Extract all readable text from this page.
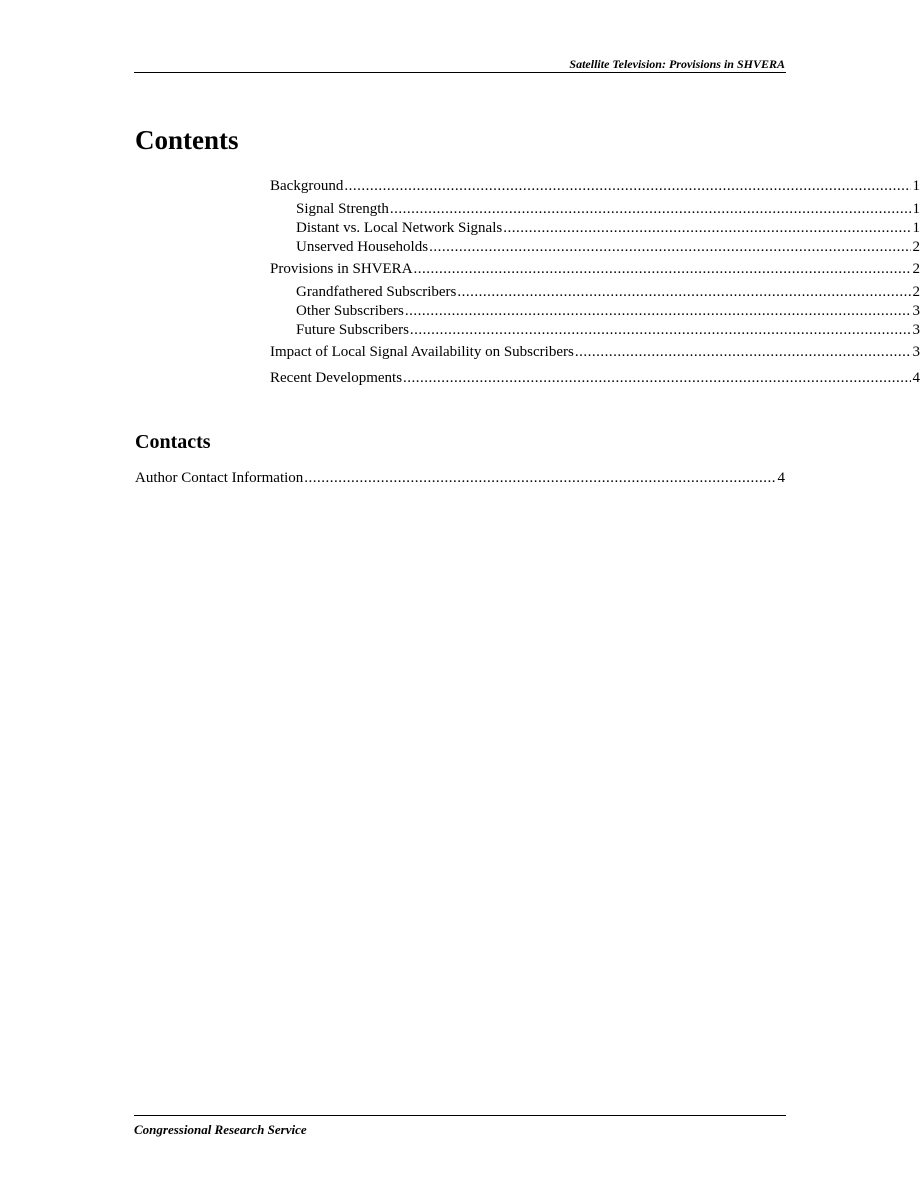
Satellite Television: Provisions in SHVERA
Contents
Background .....	1
Signal Strength .....	1
Distant vs. Local Network Signals .....	1
Unserved Households .....	2
Provisions in SHVERA .....	2
Grandfathered Subscribers .....	2
Other Subscribers .....	3
Future Subscribers .....	3
Impact of Local Signal Availability on Subscribers .....	3
Recent Developments .....	4
Contacts
Author Contact Information .....	4
Congressional Research Service
